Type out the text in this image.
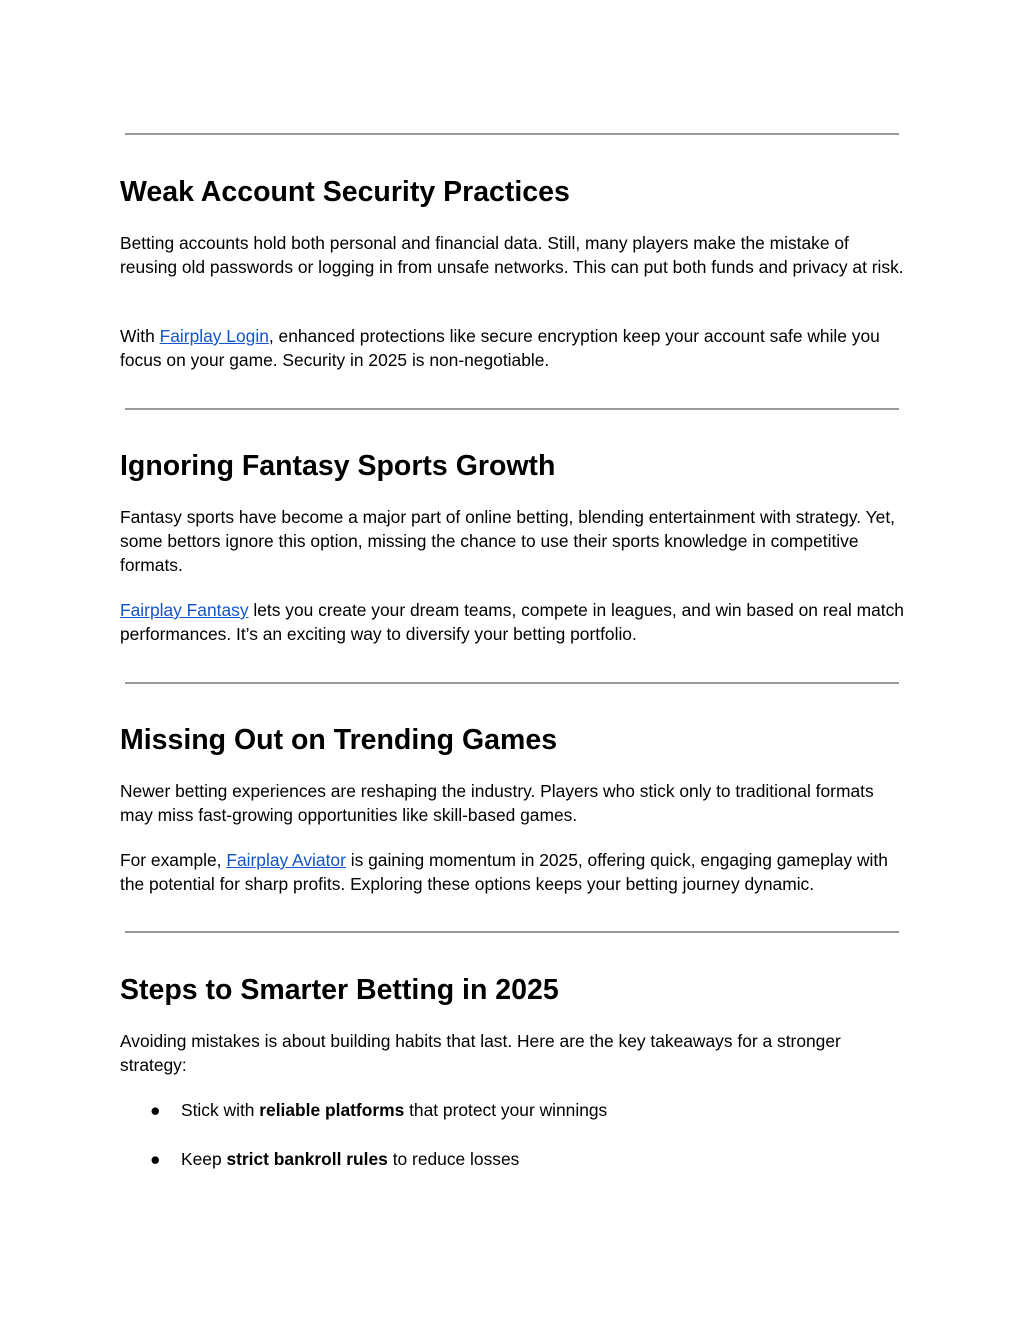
Weak Account Security Practices

Betting accounts hold both personal and financial data. Still, many players make the mistake of reusing old passwords or logging in from unsafe networks. This can put both funds and privacy at risk.

With Fairplay Login, enhanced protections like secure encryption keep your account safe while you focus on your game. Security in 2025 is non-negotiable.

Ignoring Fantasy Sports Growth

Fantasy sports have become a major part of online betting, blending entertainment with strategy. Yet, some bettors ignore this option, missing the chance to use their sports knowledge in competitive formats.

Fairplay Fantasy lets you create your dream teams, compete in leagues, and win based on real match performances. It’s an exciting way to diversify your betting portfolio.

Missing Out on Trending Games

Newer betting experiences are reshaping the industry. Players who stick only to traditional formats may miss fast-growing opportunities like skill-based games.

For example, Fairplay Aviator is gaining momentum in 2025, offering quick, engaging gameplay with the potential for sharp profits. Exploring these options keeps your betting journey dynamic.

Steps to Smarter Betting in 2025

Avoiding mistakes is about building habits that last. Here are the key takeaways for a stronger strategy:

● Stick with reliable platforms that protect your winnings
● Keep strict bankroll rules to reduce losses
